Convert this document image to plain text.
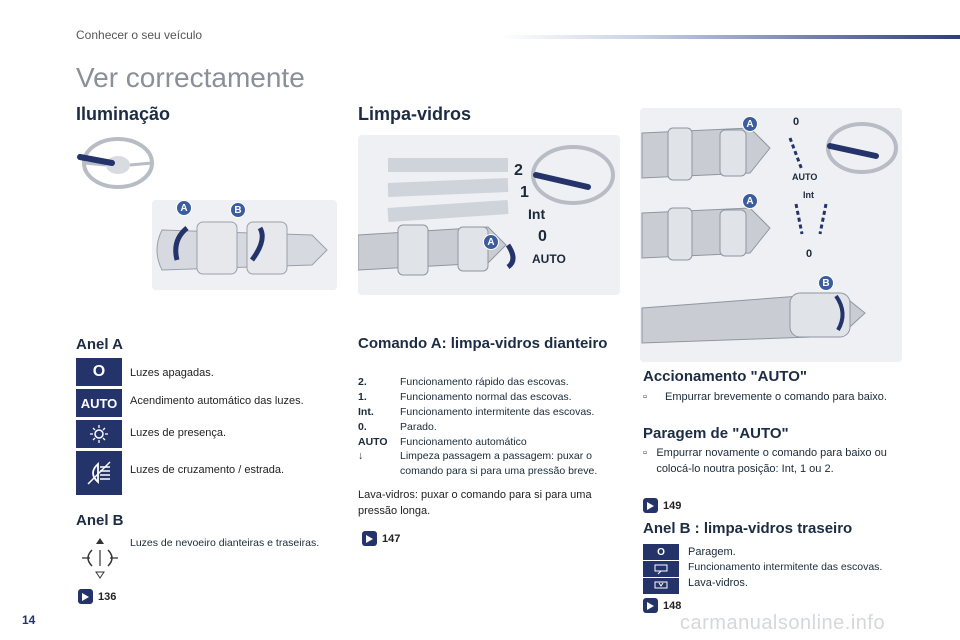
Conhecer o seu veículo
Ver correctamente
Iluminação
A	B
Anel A
O	Luzes apagadas.
AUTO	Acendimento automático das luzes.
Luzes de presença.
Luzes de cruzamento / estrada.
Anel B
Luzes de nevoeiro dianteiras e traseiras.
136
Limpa-vidros
2
1
Int
0
AUTO
A
Comando A: limpa-vidros dianteiro
2.	Funcionamento rápido das escovas.
1.	Funcionamento normal das escovas.
Int.	Funcionamento intermitente das escovas.
0.	Parado.
AUTO	Funcionamento automático
↓	Limpeza passagem a passagem: puxar o comando para si para uma pressão breve.
Lava-vidros: puxar o comando para si para uma pressão longa.
147
0
AUTO
Int
0
A
A
B
Accionamento "AUTO"
▫	Empurrar brevemente o comando para baixo.
Paragem de "AUTO"
▫ Empurrar novamente o comando para baixo ou colocá-lo noutra posição: Int, 1 ou 2.
149
Anel B : limpa-vidros traseiro
O	Paragem.
Funcionamento intermitente das escovas.
Lava-vidros.
148
14	carmanualsonline.info
